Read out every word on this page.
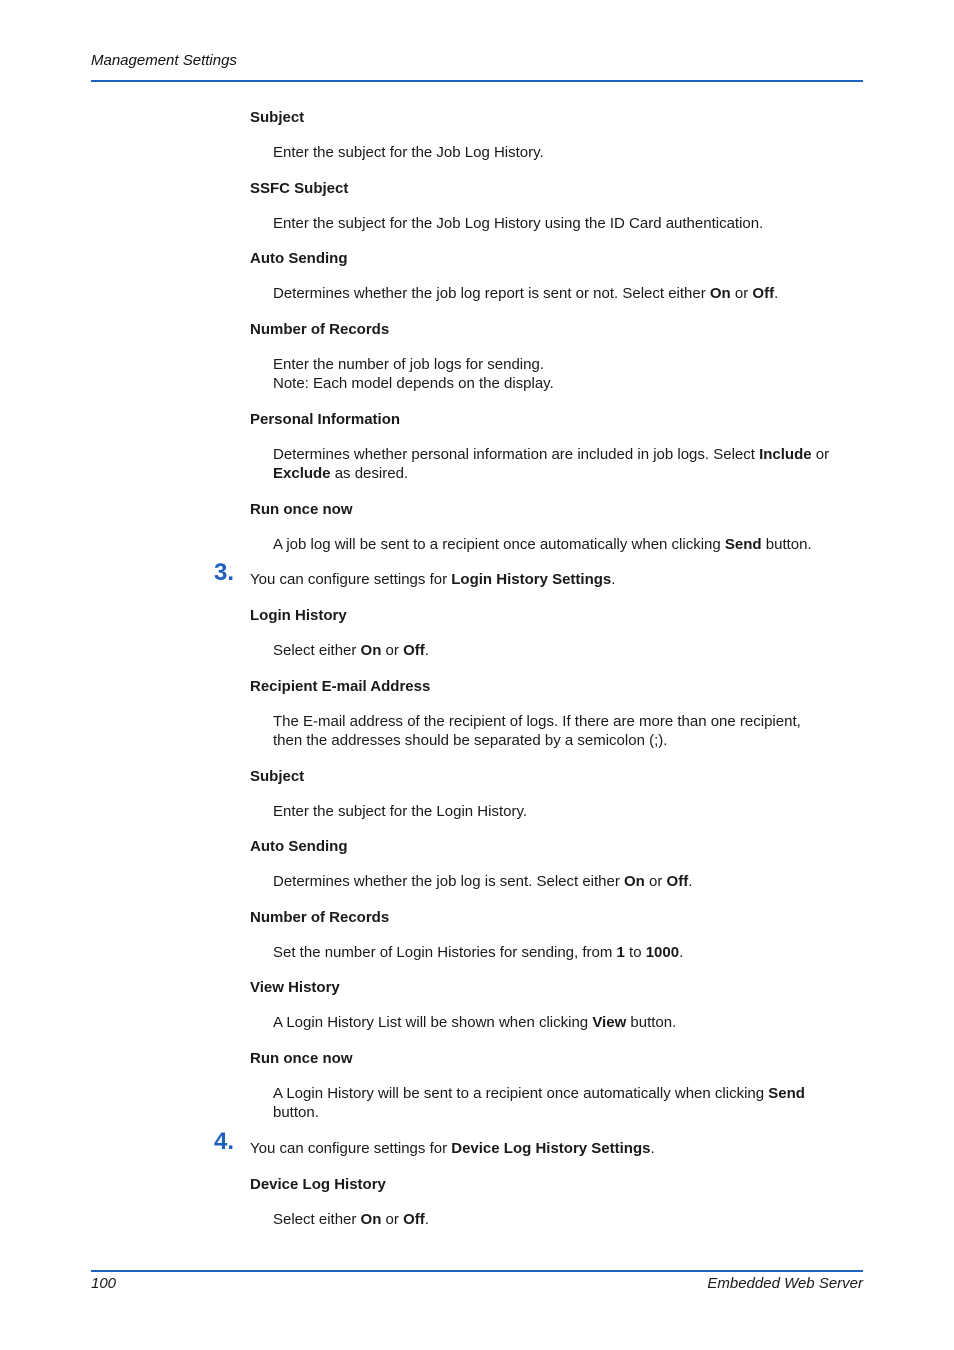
Management Settings

Subject

Enter the subject for the Job Log History.

SSFC Subject

Enter the subject for the Job Log History using the ID Card authentication.

Auto Sending

Determines whether the job log report is sent or not. Select either On or Off.

Number of Records

Enter the number of job logs for sending.
Note: Each model depends on the display.

Personal Information

Determines whether personal information are included in job logs. Select Include or
Exclude as desired.

Run once now

A job log will be sent to a recipient once automatically when clicking Send button.

3. You can configure settings for Login History Settings.

Login History

Select either On or Off.

Recipient E-mail Address

The E-mail address of the recipient of logs. If there are more than one recipient,
then the addresses should be separated by a semicolon (;).

Subject

Enter the subject for the Login History.

Auto Sending

Determines whether the job log is sent. Select either On or Off.

Number of Records

Set the number of Login Histories for sending, from 1 to 1000.

View History

A Login History List will be shown when clicking View button.

Run once now

A Login History will be sent to a recipient once automatically when clicking Send
button.

4. You can configure settings for Device Log History Settings.

Device Log History

Select either On or Off.

100	Embedded Web Server
